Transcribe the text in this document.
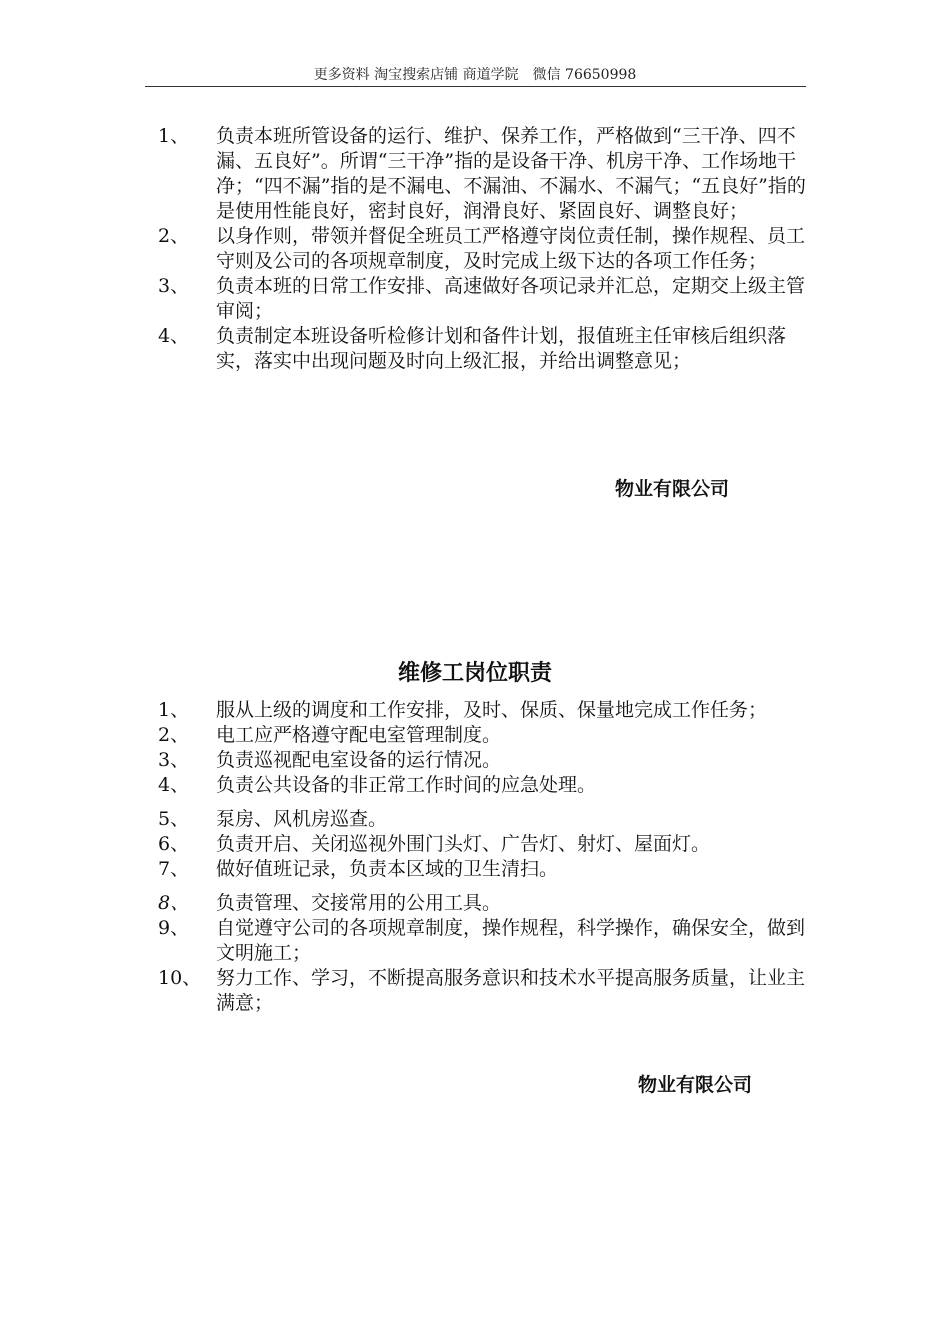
更多资料 淘宝搜索店铺 商道学院　微信 76650998
1、 负责本班所管设备的运行、维护、保养工作，严格做到“三干净、四不漏、五良好”。所谓“三干净”指的是设备干净、机房干净、工作场地干净；“四不漏”指的是不漏电、不漏油、不漏水、不漏气；“五良好”指的是使用性能良好，密封良好，润滑良好、紧固良好、调整良好；
2、 以身作则，带领并督促全班员工严格遵守岗位责任制，操作规程、员工守则及公司的各项规章制度，及时完成上级下达的各项工作任务；
3、 负责本班的日常工作安排、高速做好各项记录并汇总，定期交上级主管审阅；
4、 负责制定本班设备听检修计划和备件计划，报值班主任审核后组织落实，落实中出现问题及时向上级汇报，并给出调整意见；
物业有限公司
维修工岗位职责
1、 服从上级的调度和工作安排，及时、保质、保量地完成工作任务；
2、 电工应严格遵守配电室管理制度。
3、 负责巡视配电室设备的运行情况。
4、 负责公共设备的非正常工作时间的应急处理。
5、 泵房、风机房巡查。
6、 负责开启、关闭巡视外围门头灯、广告灯、射灯、屋面灯。
7、 做好值班记录，负责本区域的卫生清扫。
8、 负责管理、交接常用的公用工具。
9、 自觉遵守公司的各项规章制度，操作规程，科学操作，确保安全，做到文明施工；
10、 努力工作、学习，不断提高服务意识和技术水平提高服务质量，让业主满意；
物业有限公司
